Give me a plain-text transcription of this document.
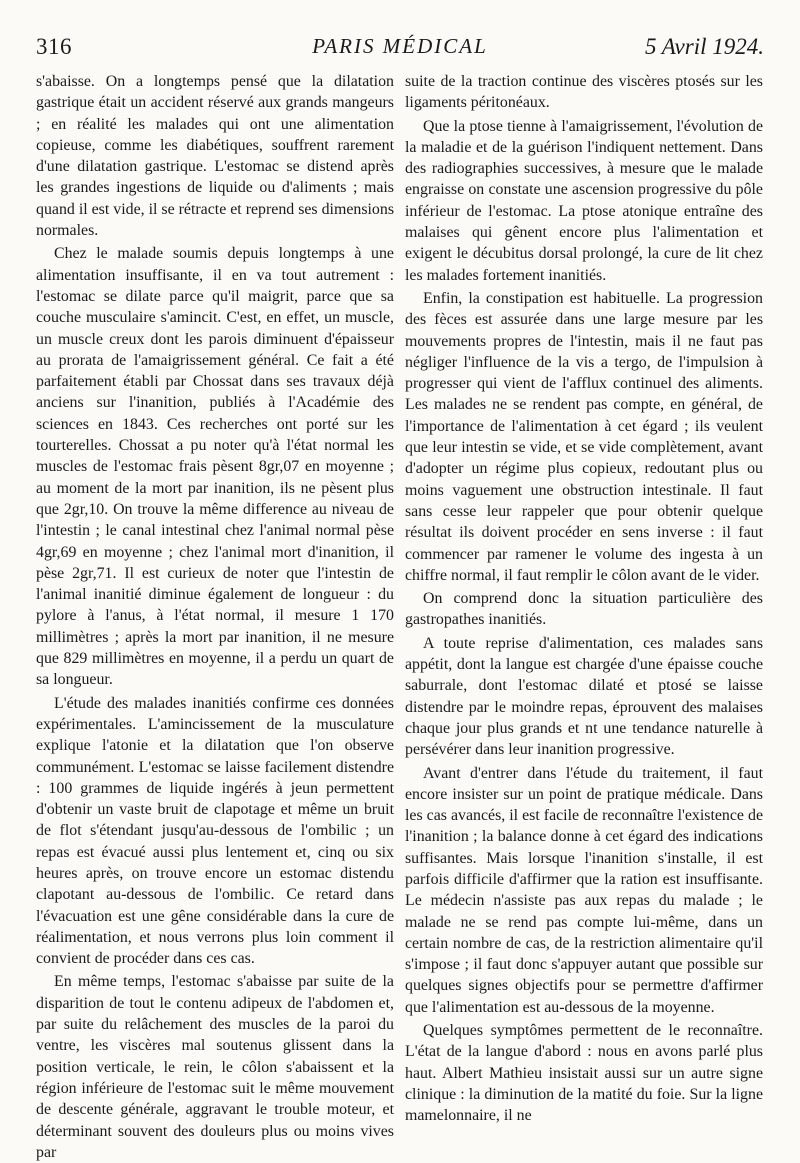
316	PARIS MÉDICAL	5 Avril 1924.

s'abaisse. On a longtemps pensé que la dilatation gastrique était un accident réservé aux grands mangeurs ; en réalité les malades qui ont une alimentation copieuse, comme les diabétiques, souffrent rarement d'une dilatation gastrique. L'estomac se distend après les grandes ingestions de liquide ou d'aliments ; mais quand il est vide, il se rétracte et reprend ses dimensions normales.

Chez le malade soumis depuis longtemps à une alimentation insuffisante, il en va tout autrement : l'estomac se dilate parce qu'il maigrit, parce que sa couche musculaire s'amincit. C'est, en effet, un muscle, un muscle creux dont les parois diminuent d'épaisseur au prorata de l'amaigrissement général. Ce fait a été parfaitement établi par Chossat dans ses travaux déjà anciens sur l'inanition, publiés à l'Académie des sciences en 1843. Ces recherches ont porté sur les tourterelles. Chossat a pu noter qu'à l'état normal les muscles de l'estomac frais pèsent 8gr,07 en moyenne ; au moment de la mort par inanition, ils ne pèsent plus que 2gr,10. On trouve la même difference au niveau de l'intestin ; le canal intestinal chez l'animal normal pèse 4gr,69 en moyenne ; chez l'animal mort d'inanition, il pèse 2gr,71. Il est curieux de noter que l'intestin de l'animal inanitié diminue également de longueur : du pylore à l'anus, à l'état normal, il mesure 1 170 millimètres ; après la mort par inanition, il ne mesure que 829 millimètres en moyenne, il a perdu un quart de sa longueur.

L'étude des malades inanitiés confirme ces données expérimentales. L'amincissement de la musculature explique l'atonie et la dilatation que l'on observe communément. L'estomac se laisse facilement distendre : 100 grammes de liquide ingérés à jeun permettent d'obtenir un vaste bruit de clapotage et même un bruit de flot s'étendant jusqu'au-dessous de l'ombilic ; un repas est évacué aussi plus lentement et, cinq ou six heures après, on trouve encore un estomac distendu clapotant au-dessous de l'ombilic. Ce retard dans l'évacuation est une gêne considérable dans la cure de réalimentation, et nous verrons plus loin comment il convient de procéder dans ces cas.

En même temps, l'estomac s'abaisse par suite de la disparition de tout le contenu adipeux de l'abdomen et, par suite du relâchement des muscles de la paroi du ventre, les viscères mal soutenus glissent dans la position verticale, le rein, le côlon s'abaissent et la région inférieure de l'estomac suit le même mouvement de descente générale, aggravant le trouble moteur, et déterminant souvent des douleurs plus ou moins vives par

suite de la traction continue des viscères ptosés sur les ligaments péritonéaux.

Que la ptose tienne à l'amaigrissement, l'évolution de la maladie et de la guérison l'indiquent nettement. Dans des radiographies successives, à mesure que le malade engraisse on constate une ascension progressive du pôle inférieur de l'estomac. La ptose atonique entraîne des malaises qui gênent encore plus l'alimentation et exigent le décubitus dorsal prolongé, la cure de lit chez les malades fortement inanitiés.

Enfin, la constipation est habituelle. La progression des fèces est assurée dans une large mesure par les mouvements propres de l'intestin, mais il ne faut pas négliger l'influence de la vis a tergo, de l'impulsion à progresser qui vient de l'afflux continuel des aliments. Les malades ne se rendent pas compte, en général, de l'importance de l'alimentation à cet égard ; ils veulent que leur intestin se vide, et se vide complètement, avant d'adopter un régime plus copieux, redoutant plus ou moins vaguement une obstruction intestinale. Il faut sans cesse leur rappeler que pour obtenir quelque résultat ils doivent procéder en sens inverse : il faut commencer par ramener le volume des ingesta à un chiffre normal, il faut remplir le côlon avant de le vider.

On comprend donc la situation particulière des gastropathes inanitiés.

A toute reprise d'alimentation, ces malades sans appétit, dont la langue est chargée d'une épaisse couche saburrale, dont l'estomac dilaté et ptosé se laisse distendre par le moindre repas, éprouvent des malaises chaque jour plus grands et nt une tendance naturelle à persévérer dans leur inanition progressive.

Avant d'entrer dans l'étude du traitement, il faut encore insister sur un point de pratique médicale. Dans les cas avancés, il est facile de reconnaître l'existence de l'inanition ; la balance donne à cet égard des indications suffisantes. Mais lorsque l'inanition s'installe, il est parfois difficile d'affirmer que la ration est insuffisante. Le médecin n'assiste pas aux repas du malade ; le malade ne se rend pas compte lui-même, dans un certain nombre de cas, de la restriction alimentaire qu'il s'impose ; il faut donc s'appuyer autant que possible sur quelques signes objectifs pour se permettre d'affirmer que l'alimentation est au-dessous de la moyenne.

Quelques symptômes permettent de le reconnaître. L'état de la langue d'abord : nous en avons parlé plus haut. Albert Mathieu insistait aussi sur un autre signe clinique : la diminution de la matité du foie. Sur la ligne mamelonnaire, il ne
